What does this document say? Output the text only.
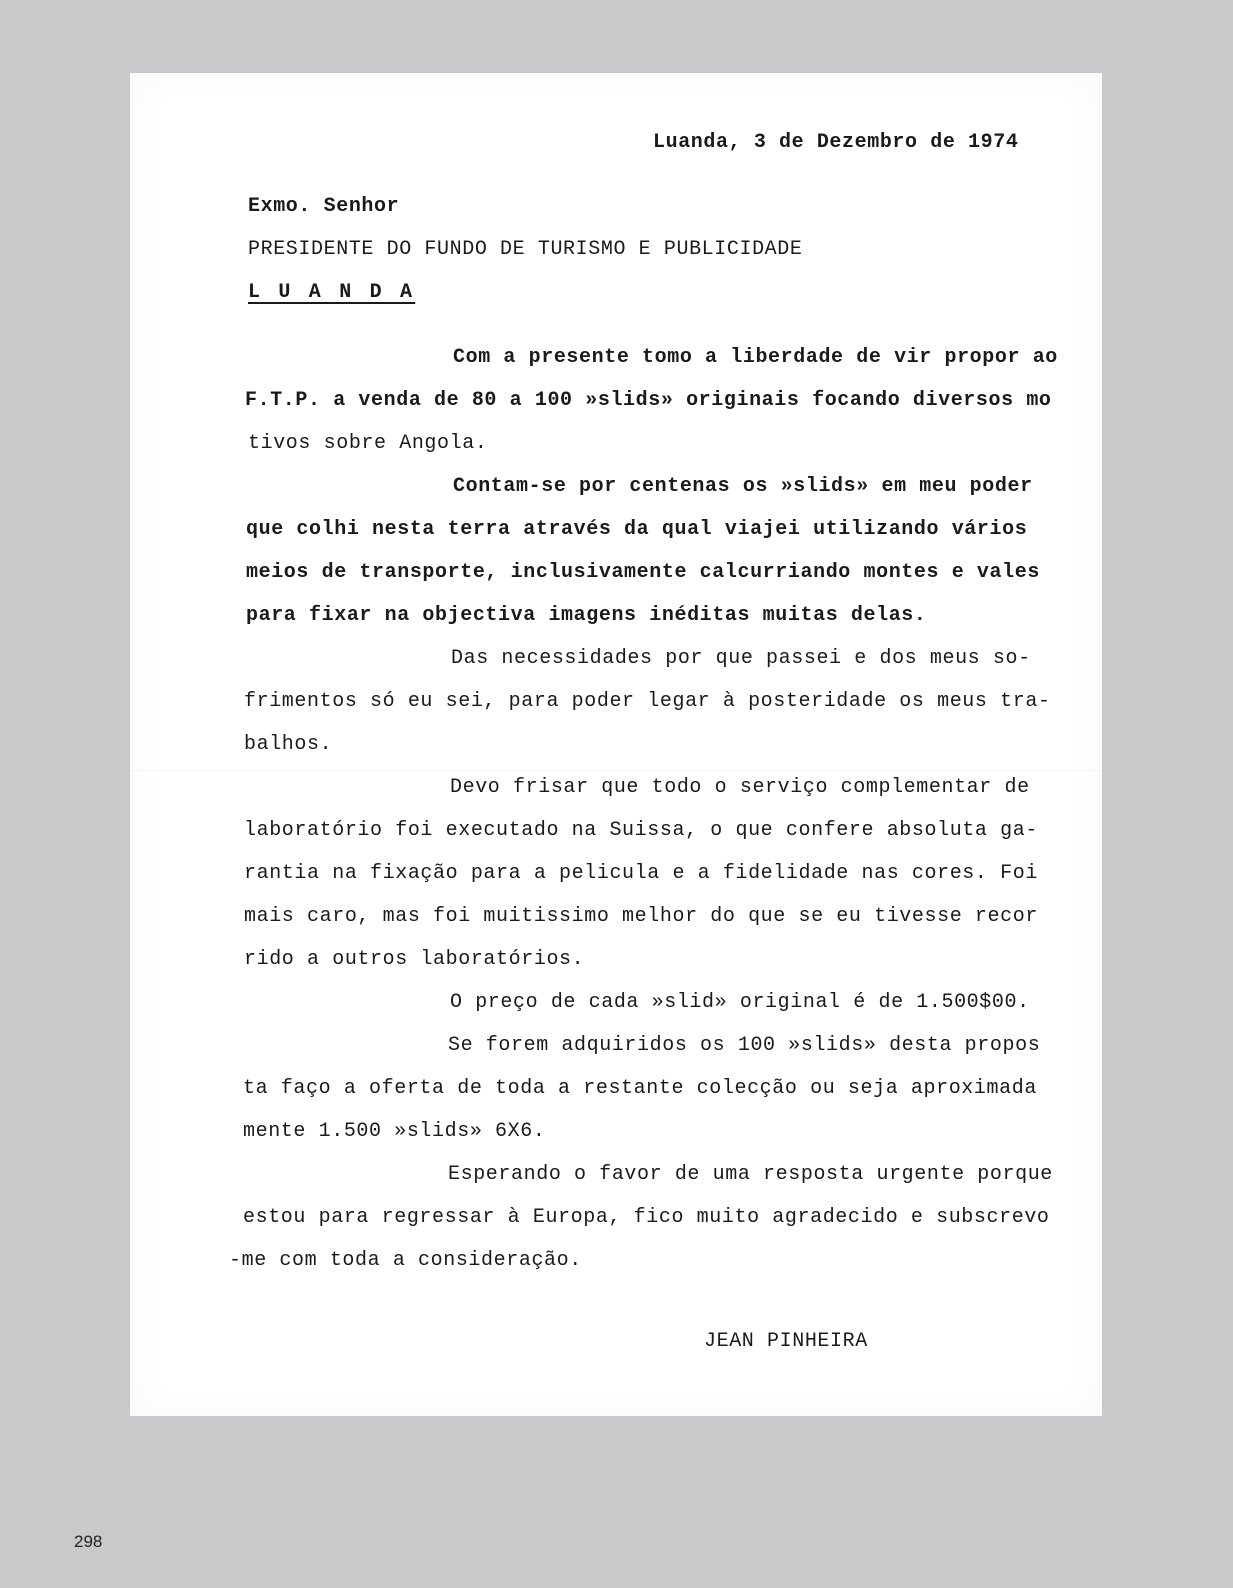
Luanda, 3 de Dezembro de 1974
Exmo. Senhor
PRESIDENTE DO FUNDO DE TURISMO E PUBLICIDADE
L U A N D A
Com a presente tomo a liberdade de vir propor ao
F.T.P. a venda de 80 a 100 »slids» originais focando diversos mo
tivos sobre Angola.
Contam-se por centenas os »slids» em meu poder
que colhi nesta terra através da qual viajei utilizando vários
meios de transporte, inclusivamente calcurriando montes e vales
para fixar na objectiva imagens inéditas muitas delas.
Das necessidades por que passei e dos meus so-
frimentos só eu sei, para poder legar à posteridade os meus tra-
balhos.
Devo frisar que todo o serviço complementar de
laboratório foi executado na Suissa, o que confere absoluta ga-
rantia na fixação para a pelicula e a fidelidade nas cores. Foi
mais caro, mas foi muitissimo melhor do que se eu tivesse recor
rido a outros laboratórios.
O preço de cada »slid» original é de 1.500$00.
Se forem adquiridos os 100 »slids» desta propos
ta faço a oferta de toda a restante colecção ou seja aproximada
mente 1.500 »slids» 6X6.
Esperando o favor de uma resposta urgente porque
estou para regressar à Europa, fico muito agradecido e subscrevo
-me com toda a consideração.
JEAN PINHEIRA
298
